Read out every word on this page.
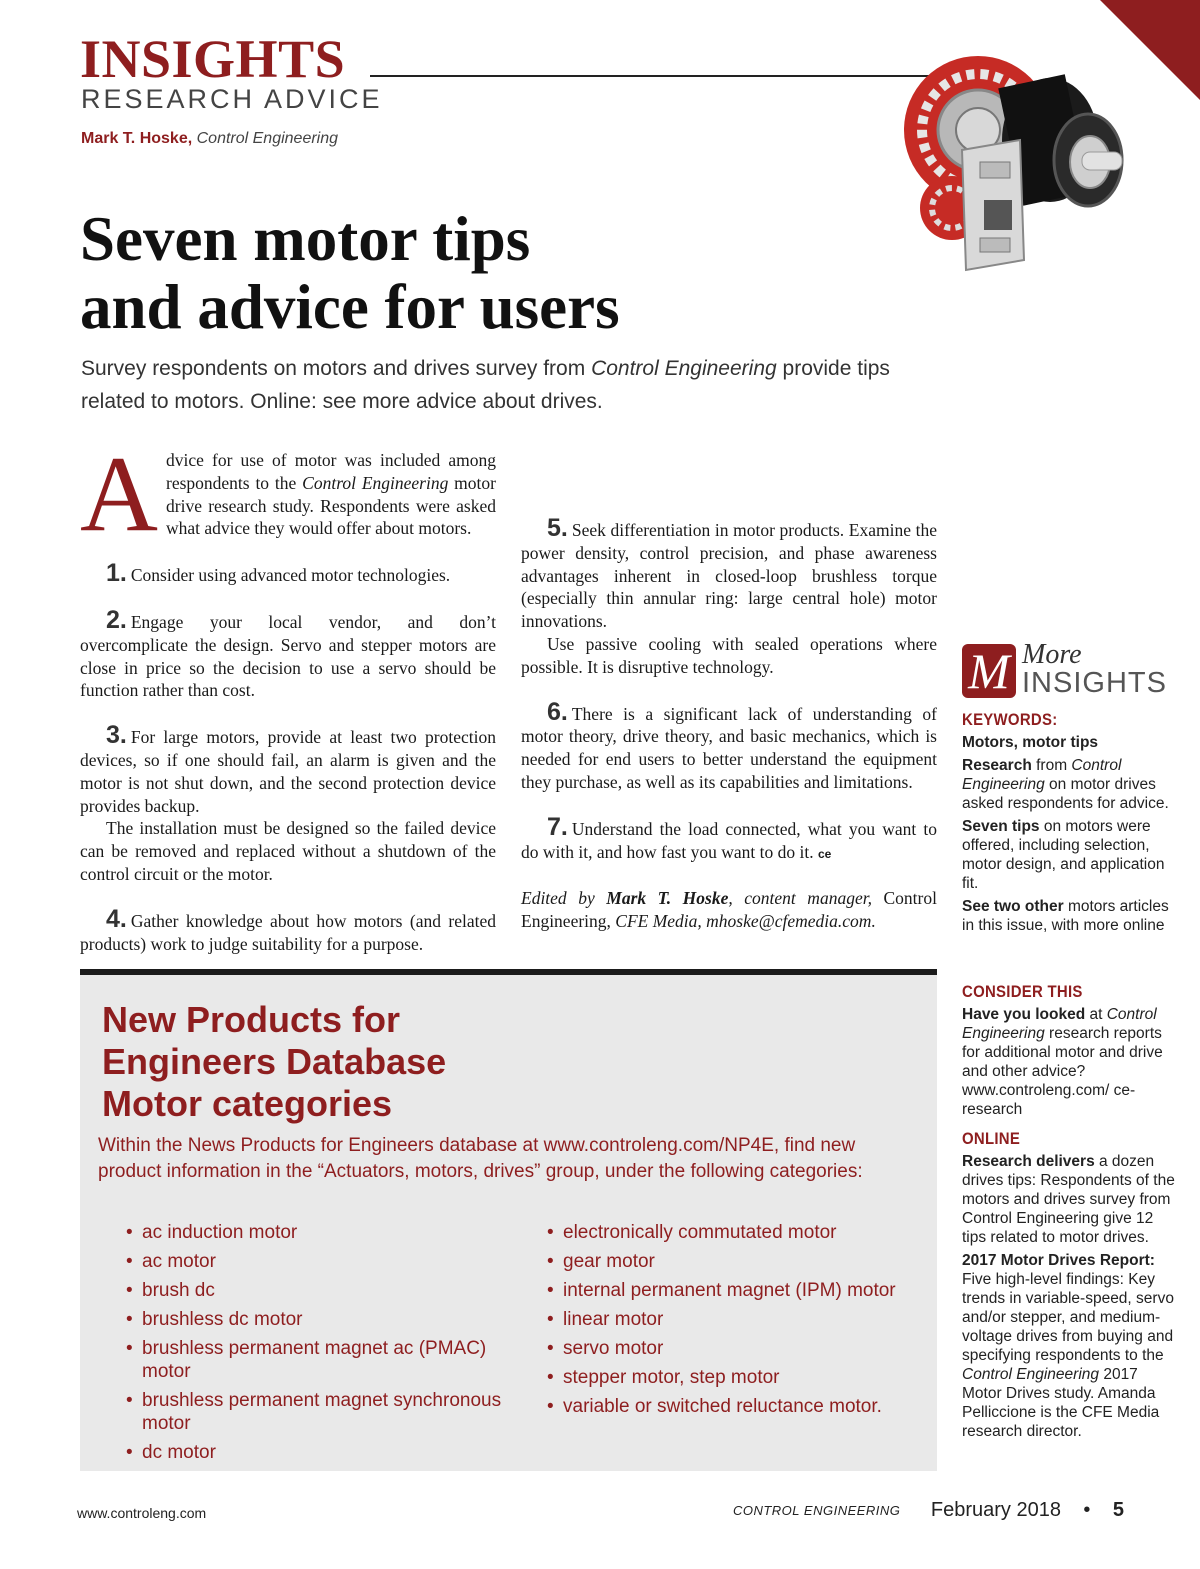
INSIGHTS
RESEARCH ADVICE
Mark T. Hoske, Control Engineering
Seven motor tips
and advice for users

Survey respondents on motors and drives survey from Control Engineering provide tips related to motors. Online: see more advice about drives.

Advice for use of motor was included among respondents to the Control Engineering motor drive research study. Respondents were asked what advice they would offer about motors.

1. Consider using advanced motor technologies.

2. Engage your local vendor, and don’t overcomplicate the design. Servo and stepper motors are close in price so the decision to use a servo should be function rather than cost.

3. For large motors, provide at least two protection devices, so if one should fail, an alarm is given and the motor is not shut down, and the second protection device provides backup.

The installation must be designed so the failed device can be removed and replaced without a shutdown of the control circuit or the motor.

4. Gather knowledge about how motors (and related products) work to judge suitability for a purpose.

5. Seek differentiation in motor products. Examine the power density, control precision, and phase awareness advantages inherent in closed-loop brushless torque (especially thin annular ring: large central hole) motor innovations.

Use passive cooling with sealed operations where possible. It is disruptive technology.

6. There is a significant lack of understanding of motor theory, drive theory, and basic mechanics, which is needed for end users to better understand the equipment they purchase, as well as its capabilities and limitations.

7. Understand the load connected, what you want to do with it, and how fast you want to do it. ce

Edited by Mark T. Hoske, content manager, Control Engineering, CFE Media, mhoske@cfemedia.com.

New Products for
Engineers Database
Motor categories

Within the News Products for Engineers database at www.controleng.com/NP4E, find new product information in the “Actuators, motors, drives” group, under the following categories:

• ac induction motor
• ac motor
• brush dc
• brushless dc motor
• brushless permanent magnet ac (PMAC) motor
• brushless permanent magnet synchronous motor
• dc motor
• electronically commutated motor
• gear motor
• internal permanent magnet (IPM) motor
• linear motor
• servo motor
• stepper motor, step motor
• variable or switched reluctance motor.
M More
INSIGHTS

KEYWORDS:

Motors, motor tips

Research from Control Engineering on motor drives asked respondents for advice.

Seven tips on motors were offered, including selection, motor design, and application fit.

See two other motors articles in this issue, with more online

CONSIDER THIS

Have you looked at Control Engineering research reports for additional motor and drive and other advice? www.controleng.com/ ce-research

ONLINE

Research delivers a dozen drives tips: Respondents of the motors and drives survey from Control Engineering give 12 tips related to motor drives.

2017 Motor Drives Report: Five high-level findings: Key trends in variable-speed, servo and/or stepper, and medium-voltage drives from buying and specifying respondents to the Control Engineering 2017 Motor Drives study. Amanda Pelliccione is the CFE Media research director.

www.controleng.com	CONTROL ENGINEERING February 2018 • 5
